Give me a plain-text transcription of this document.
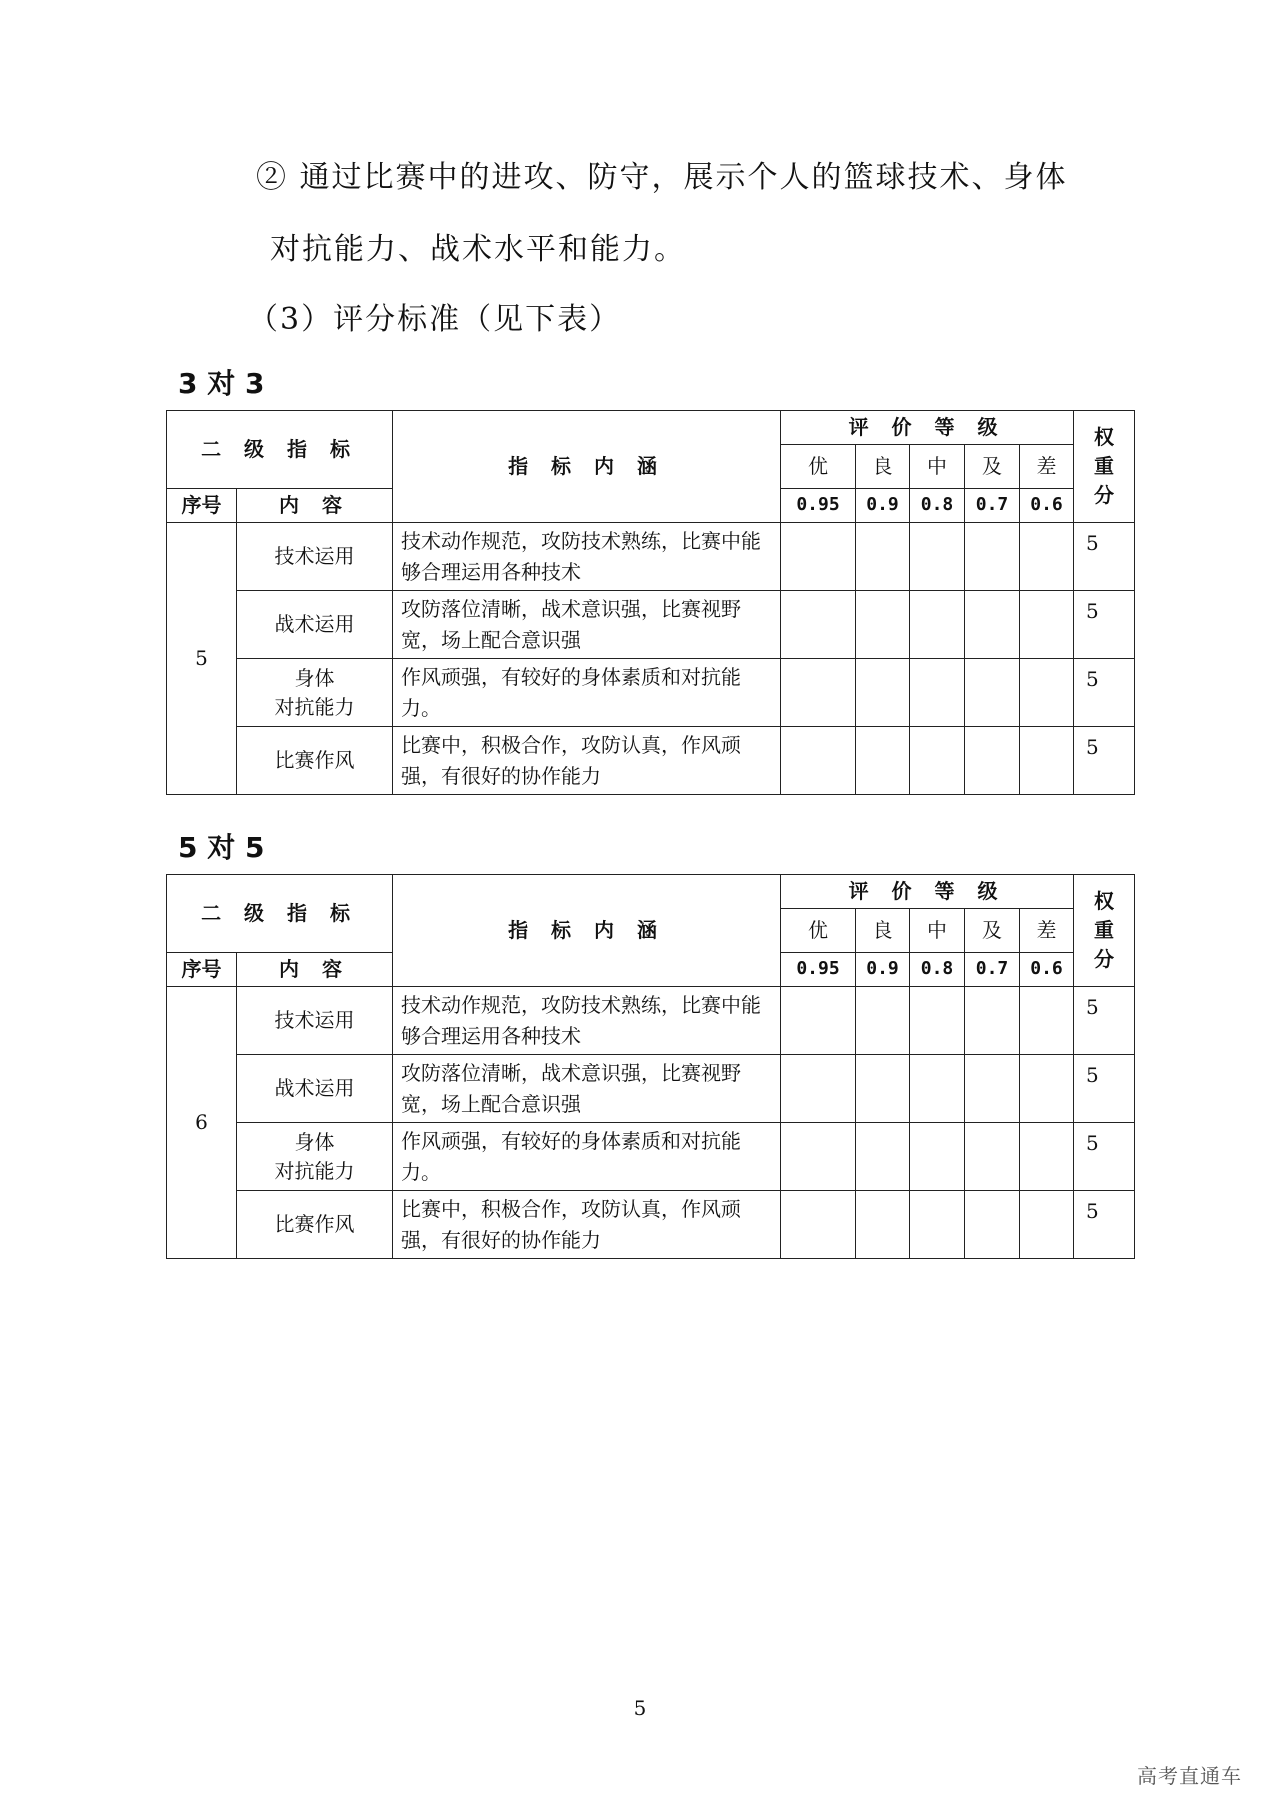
② 通过比赛中的进攻、防守，展示个人的篮球技术、身体
对抗能力、战术水平和能力。
（3）评分标准（见下表）
3 对 3
二 级 指 标		指 标 内 涵	评 价 等 级					权
重
分

			优	良	中	及	差	
序号	内 容		0.95	0.9	0.8	0.7	0.6	
5	技术运用	技术动作规范，攻防技术熟练，比赛中能够合理运用各种技术						5
	战术运用	攻防落位清晰，战术意识强，比赛视野宽，场上配合意识强						5

	身体
对抗能力	作风顽强，有较好的身体素质和对抗能力。						5
	比赛作风	比赛中，积极合作，攻防认真，作风顽强，有很好的协作能力						5
5 对 5
二 级 指 标		指 标 内 涵	评 价 等 级					权
重
分

			优	良	中	及	差	
序号	内 容		0.95	0.9	0.8	0.7	0.6	
6	技术运用	技术动作规范，攻防技术熟练，比赛中能够合理运用各种技术						5
	战术运用	攻防落位清晰，战术意识强，比赛视野宽，场上配合意识强						5

	身体
对抗能力	作风顽强，有较好的身体素质和对抗能力。						5
	比赛作风	比赛中，积极合作，攻防认真，作风顽强，有很好的协作能力						5
5
高考直通车
